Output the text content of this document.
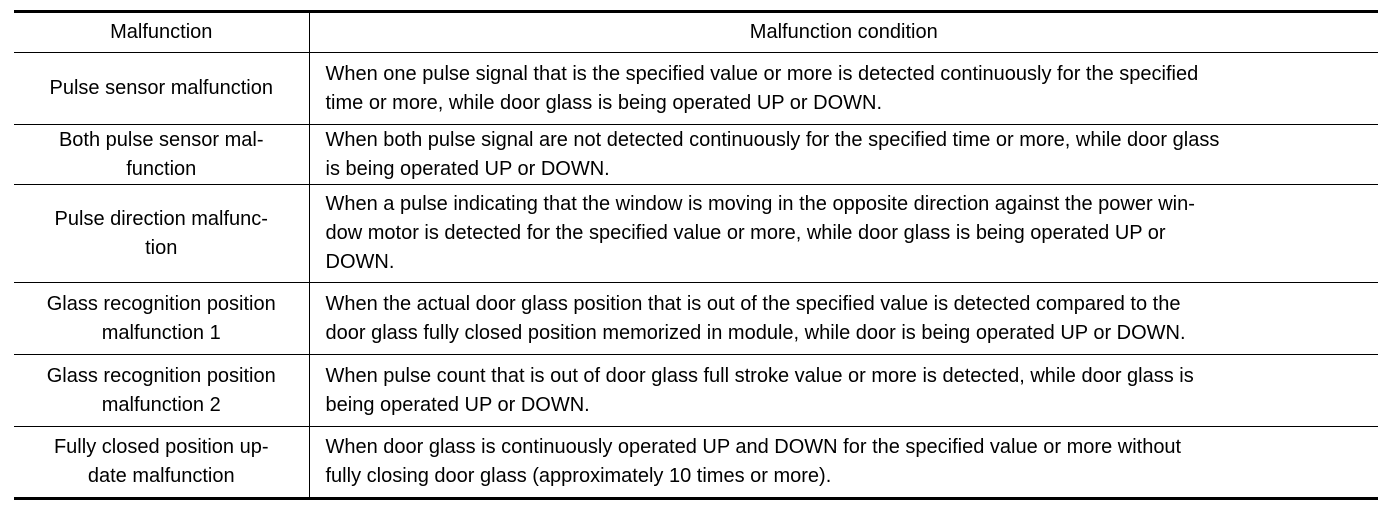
Malfunction	Malfunction condition
Pulse sensor malfunction	When one pulse signal that is the specified value or more is detected continuously for the specified
time or more, while door glass is being operated UP or DOWN.

Both pulse sensor mal-
function	When both pulse signal are not detected continuously for the specified time or more, while door glass
is being operated UP or DOWN.

Pulse direction malfunc-
tion	When a pulse indicating that the window is moving in the opposite direction against the power win-
dow motor is detected for the specified value or more, while door glass is being operated UP or
DOWN.

Glass recognition position
malfunction 1	When the actual door glass position that is out of the specified value is detected compared to the
door glass fully closed position memorized in module, while door is being operated UP or DOWN.

Glass recognition position
malfunction 2	When pulse count that is out of door glass full stroke value or more is detected, while door glass is
being operated UP or DOWN.

Fully closed position up-
date malfunction	When door glass is continuously operated UP and DOWN for the specified value or more without
fully closing door glass (approximately 10 times or more).
